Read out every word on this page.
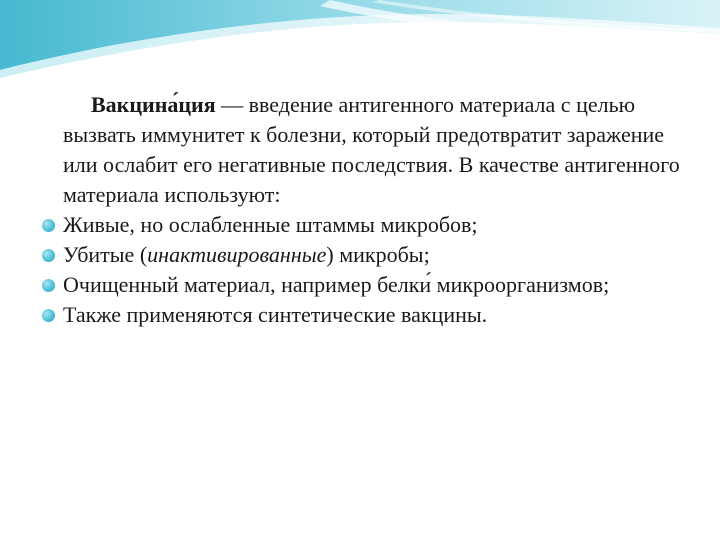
Вакцина́ция — введение антигенного материала с целью вызвать иммунитет к болезни, который предотвратит заражение или ослабит его негативные последствия. В качестве антигенного материала используют:

Живые, но ослабленные штаммы микробов;
Убитые (инактивированные) микробы;
Очищенный материал, например белки́ микроорганизмов;
Также применяются синтетические вакцины.
